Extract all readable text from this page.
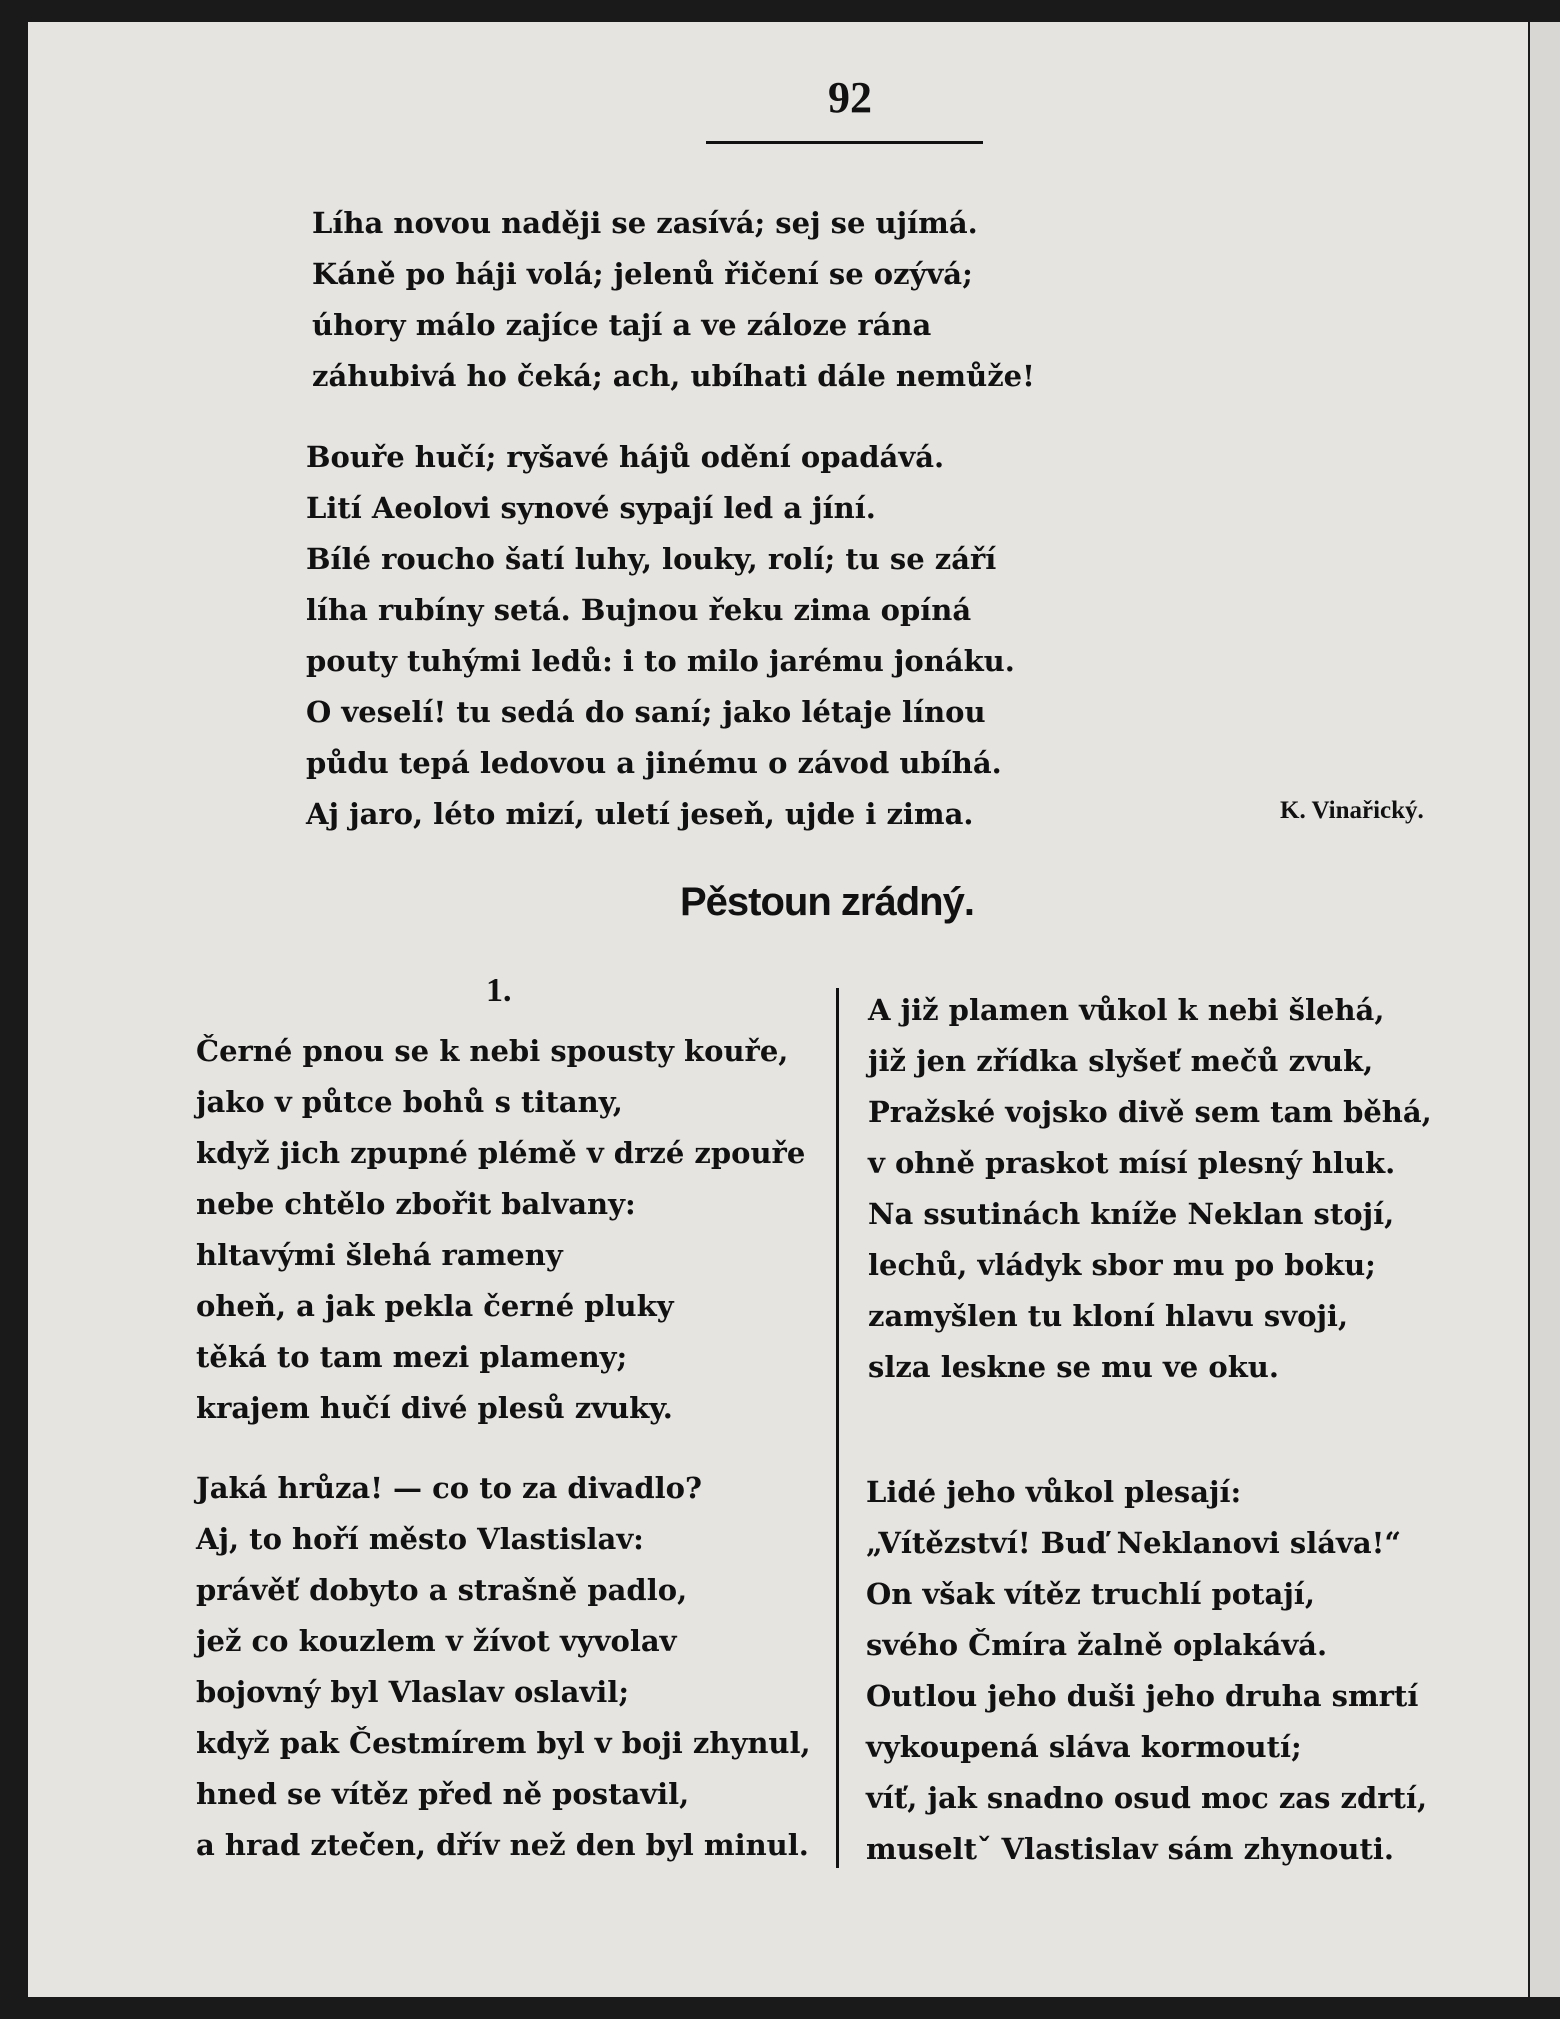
92
Líha novou naději se zasívá; sej se ujímá.
Káně po háji volá; jelenů řičení se ozývá;
úhory málo zajíce tají a ve záloze rána
záhubivá ho čeká; ach, ubíhati dále nemůže!
Bouře hučí; ryšavé hájů odění opadává.
Lití Aeolovi synové sypají led a jíní.
Bílé roucho šatí luhy, louky, rolí; tu se září
líha rubíny setá. Bujnou řeku zima opíná
pouty tuhými ledů: i to milo jarému jonáku.
O veselí! tu sedá do saní; jako létaje línou
půdu tepá ledovou a jinému o závod ubíhá.
Aj jaro, léto mizí, uletí jeseň, ujde i zima.	K. Vinařický.
Pěstoun zrádný.
1.
Černé pnou se k nebi spousty kouře,
jako v půtce bohů s titany,
když jich zpupné plémě v drzé zpouře
nebe chtělo zbořit balvany:
hltavými šlehá rameny
oheň, a jak pekla černé pluky
těká to tam mezi plameny;
krajem hučí divé plesů zvuky.
Jaká hrůza! — co to za divadlo?
Aj, to hoří město Vlastislav:
právěť dobyto a strašně padlo,
jež co kouzlem v žívot vyvolav
bojovný byl Vlaslav oslavil;
když pak Čestmírem byl v boji zhynul,
hned se vítěz před ně postavil,
a hrad zteč̌en, dřív než den byl minul.
A již plamen vůkol k nebi šlehá,
již jen zřídka slyšeť mečů zvuk,
Pražské vojsko divě sem tam běhá,
v ohně praskot mísí plesný hluk.
Na ssutinách kníže Neklan stojí,
lechů, vládyk sbor mu po boku;
zamyšlen tu kloní hlavu svoji,
slza leskne se mu ve oku.
Lidé jeho vůkol plesají:
„Vítězství! Buď Neklanovi sláva!“
On však vítěz truchlí potají,
svého Čmíra žalně oplakává.
Outlou jeho duši jeho druha smrtí
vykoupená sláva kormoutí;
víť, jak snadno osud moc zas zdrtí,
museltˇ Vlastislav sám zhynouti.
